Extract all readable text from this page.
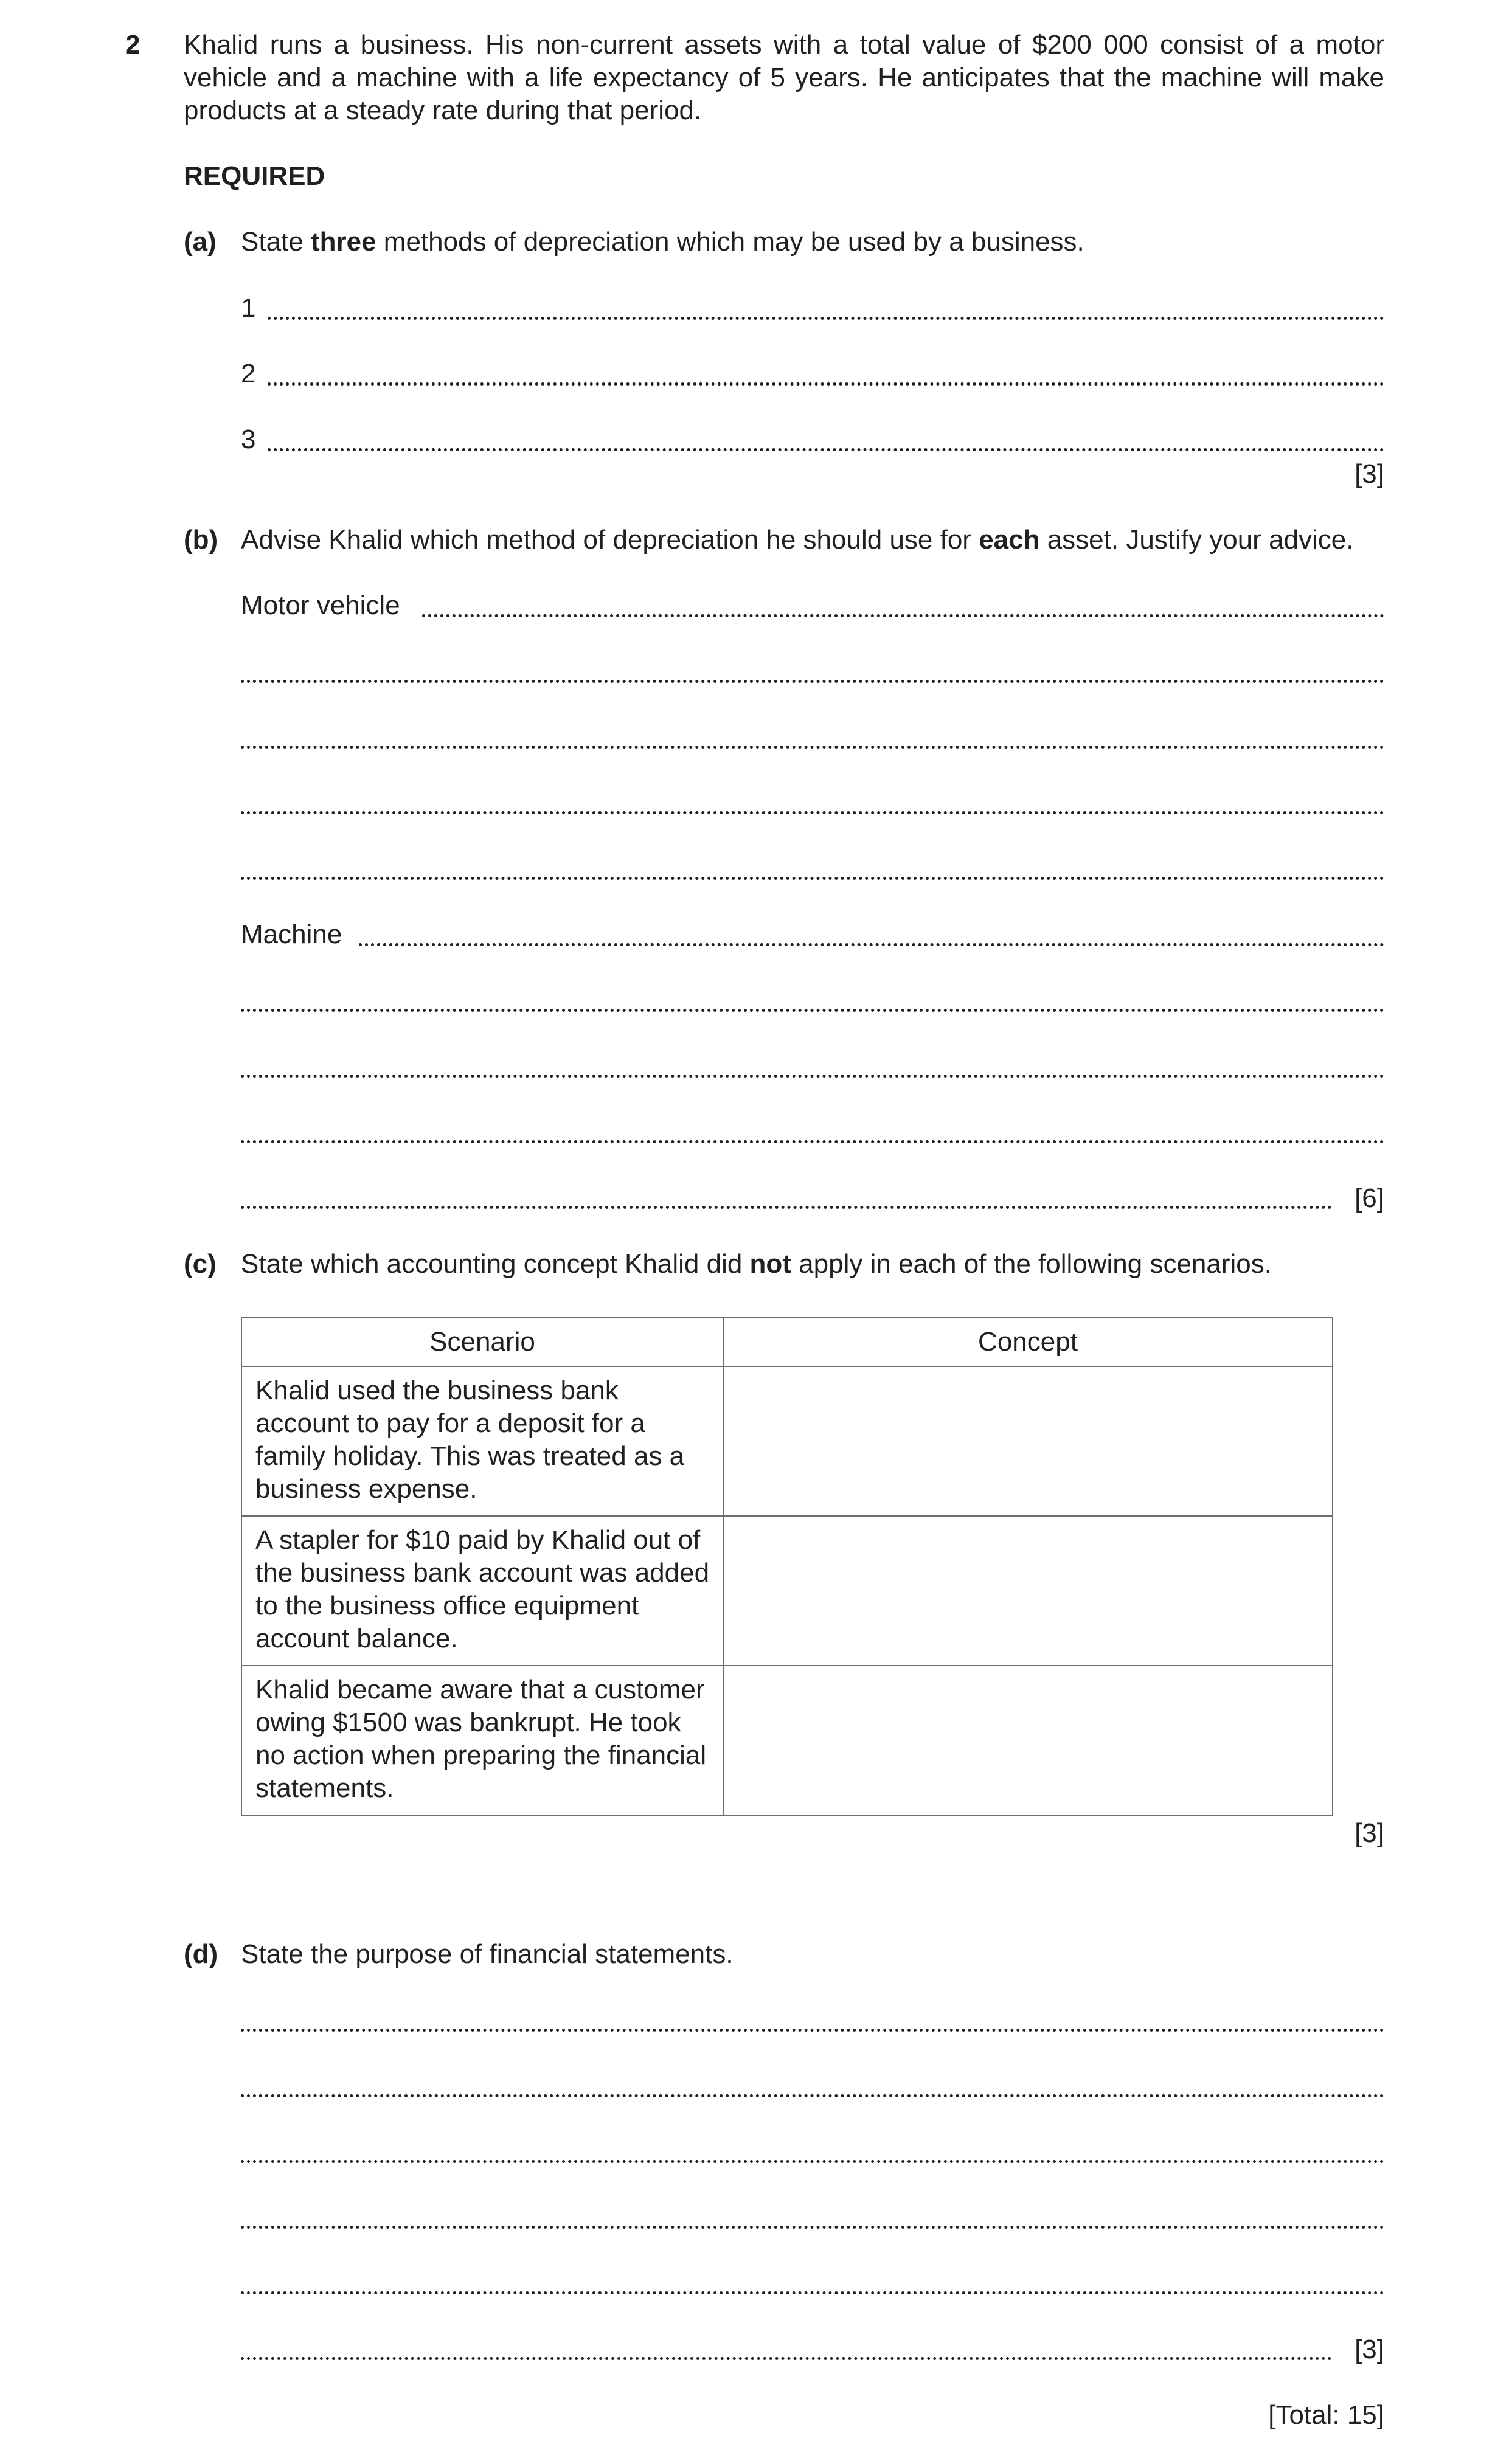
2 Khalid runs a business. His non-current assets with a total value of $200 000 consist of a motor vehicle and a machine with a life expectancy of 5 years. He anticipates that the machine will make products at a steady rate during that period.
REQUIRED
(a) State three methods of depreciation which may be used by a business.
1
2
3
[3]
(b) Advise Khalid which method of depreciation he should use for each asset. Justify your advice.
Motor vehicle
Machine
[6]
(c) State which accounting concept Khalid did not apply in each of the following scenarios.
Scenario	Concept
Khalid used the business bank account to pay for a deposit for a family holiday. This was treated as a business expense.	
A stapler for $10 paid by Khalid out of the business bank account was added to the business office equipment account balance.	
Khalid became aware that a customer owing $1500 was bankrupt. He took no action when preparing the financial statements.	
[3]
(d) State the purpose of financial statements.
[3]
[Total: 15]
